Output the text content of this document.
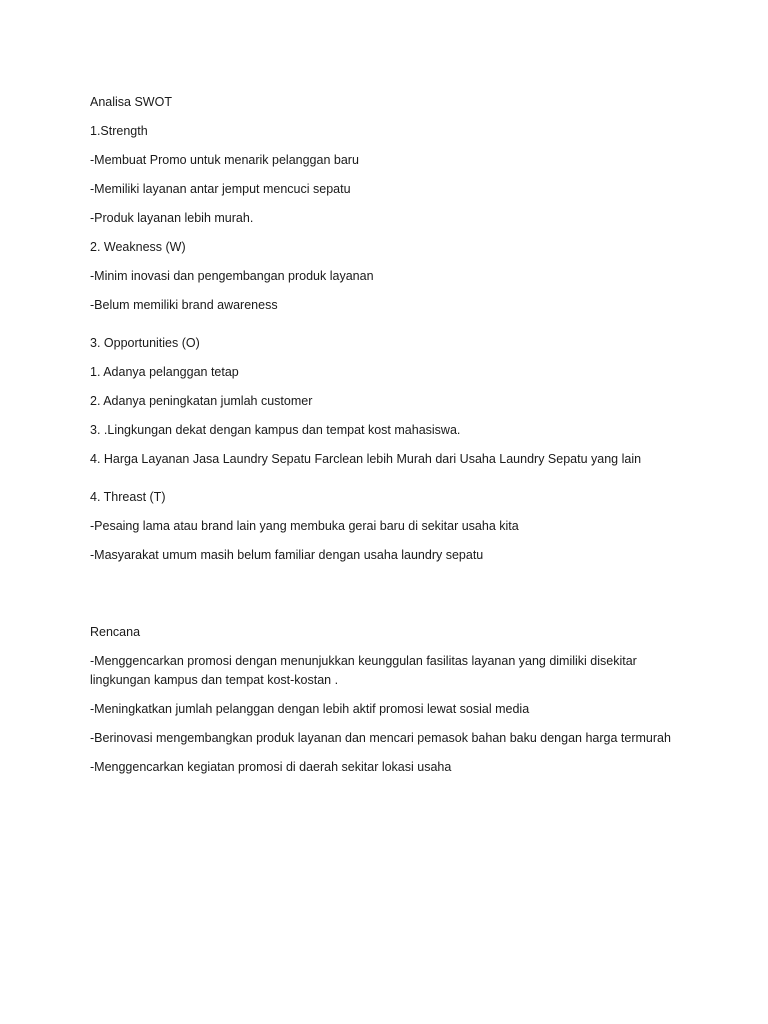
Analisa SWOT

1.Strength

-Membuat Promo untuk menarik pelanggan baru

-Memiliki layanan antar jemput mencuci sepatu

-Produk layanan lebih murah.

2. Weakness (W)

-Minim inovasi dan pengembangan produk layanan

-Belum memiliki brand awareness

3. Opportunities (O)

1. Adanya pelanggan tetap

2. Adanya peningkatan jumlah customer

3. .Lingkungan dekat dengan kampus dan tempat kost mahasiswa.

4. Harga Layanan Jasa Laundry Sepatu Farclean lebih Murah dari Usaha Laundry Sepatu yang lain

4. Threast (T)

-Pesaing lama atau brand lain yang membuka gerai baru di sekitar usaha kita

-Masyarakat umum masih belum familiar dengan usaha laundry sepatu

Rencana

-Menggencarkan promosi dengan menunjukkan keunggulan fasilitas layanan yang dimiliki disekitar lingkungan kampus dan tempat kost-kostan .

-Meningkatkan jumlah pelanggan dengan lebih aktif promosi lewat sosial media

-Berinovasi mengembangkan produk layanan dan mencari pemasok bahan baku dengan harga termurah

-Menggencarkan kegiatan promosi di daerah sekitar lokasi usaha
